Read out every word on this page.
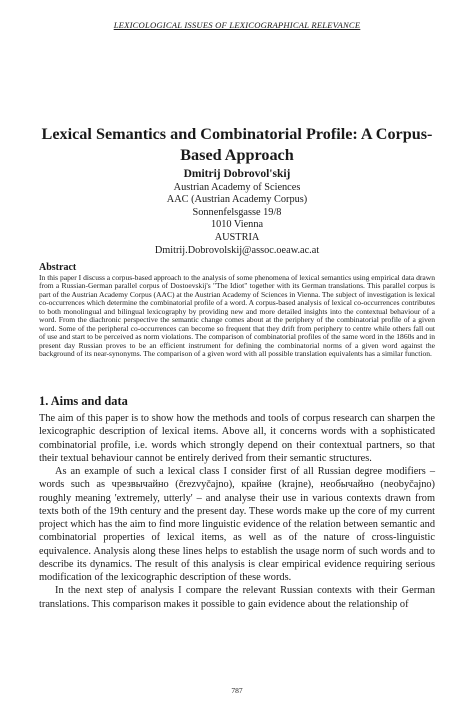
LEXICOLOGICAL ISSUES OF LEXICOGRAPHICAL RELEVANCE
Lexical Semantics and Combinatorial Profile: A Corpus-Based Approach
Dmitrij Dobrovol'skij
Austrian Academy of Sciences
AAC (Austrian Academy Corpus)
Sonnenfelsgasse 19/8
1010 Vienna
AUSTRIA
Dmitrij.Dobrovolskij@assoc.oeaw.ac.at
Abstract
In this paper I discuss a corpus-based approach to the analysis of some phenomena of lexical semantics using empirical data drawn from a Russian-German parallel corpus of Dostoevskij's "The Idiot" together with its German translations. This parallel corpus is part of the Austrian Academy Corpus (AAC) at the Austrian Academy of Sciences in Vienna. The subject of investigation is lexical co-occurrences which determine the combinatorial profile of a word. A corpus-based analysis of lexical co-occurrences contributes to both monolingual and bilingual lexicography by providing new and more detailed insights into the contextual behaviour of a word. From the diachronic perspective the semantic change comes about at the periphery of the combinatorial profile of a given word. Some of the peripheral co-occurrences can become so frequent that they drift from periphery to centre while others fall out of use and start to be perceived as norm violations. The comparison of combinatorial profiles of the same word in the 1860s and in present day Russian proves to be an efficient instrument for defining the combinatorial norms of a given word against the background of its near-synonyms. The comparison of a given word with all possible translation equivalents has a similar function.
1. Aims and data

The aim of this paper is to show how the methods and tools of corpus research can sharpen the lexicographic description of lexical items. Above all, it concerns words with a sophisticated combinatorial profile, i.e. words which strongly depend on their contextual partners, so that their textual behaviour cannot be entirely derived from their semantic structures.

As an example of such a lexical class I consider first of all Russian degree modifiers – words such as чрезвычайно (črezvyčajno), крайне (krajne), необычайно (neobyčajno) roughly meaning 'extremely, utterly' – and analyse their use in various contexts drawn from texts both of the 19th century and the present day. These words make up the core of my current project which has the aim to find more linguistic evidence of the relation between semantic and combinatorial properties of lexical items, as well as of the nature of cross-linguistic equivalence. Analysis along these lines helps to establish the usage norm of such words and to describe its dynamics. The result of this analysis is clear empirical evidence requiring serious modification of the lexicographic description of these words.

In the next step of analysis I compare the relevant Russian contexts with their German translations. This comparison makes it possible to gain evidence about the relationship of

787
